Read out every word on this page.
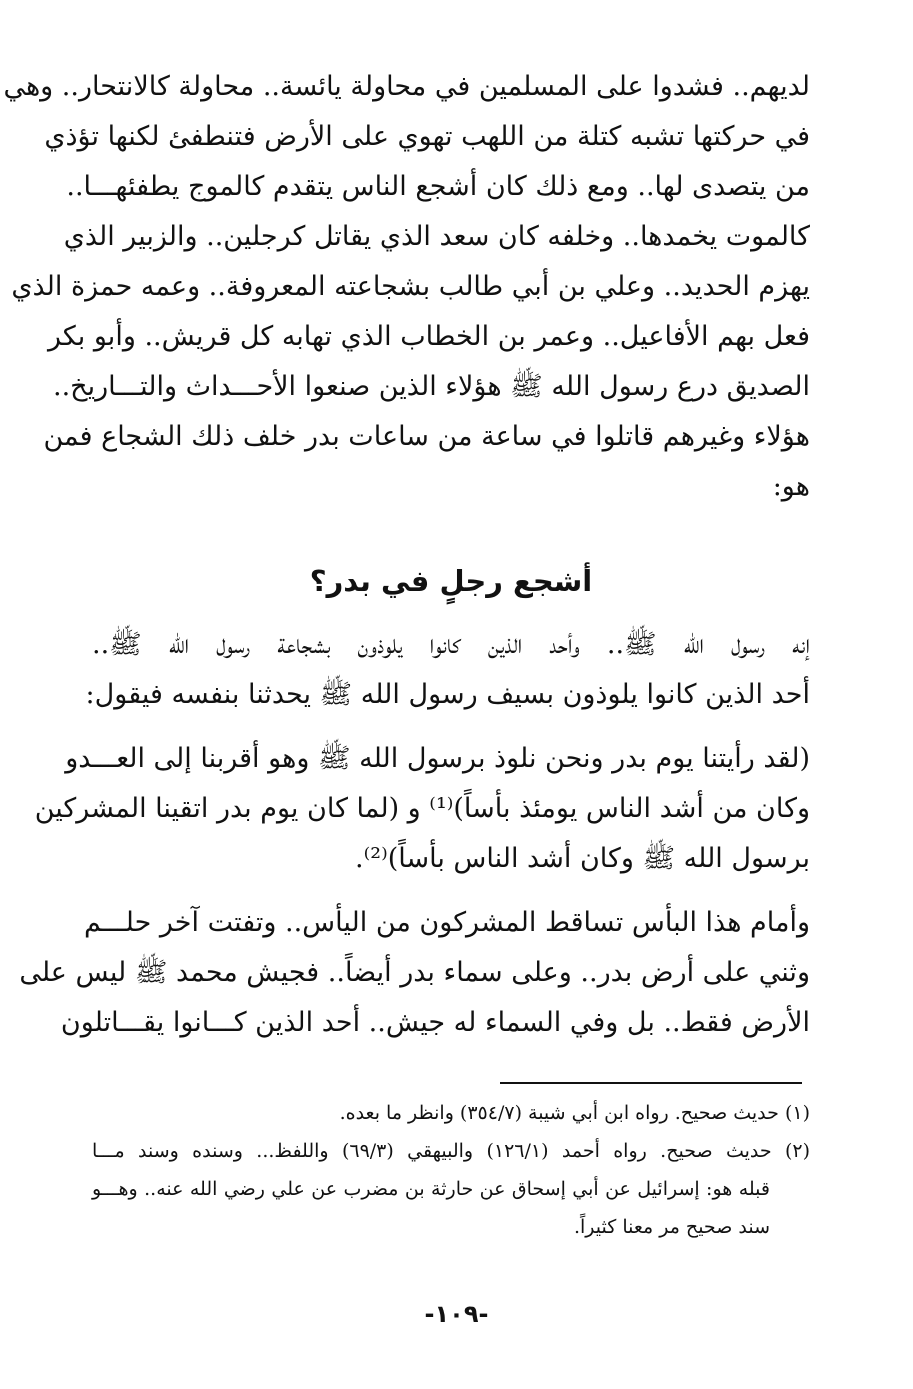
لديهم.. فشدوا على المسلمين في محاولة يائسة.. محاولة كالانتحار.. وهي
في حركتها تشبه كتلة من اللهب تهوي على الأرض فتنطفئ لكنها تؤذي
من يتصدى لها.. ومع ذلك كان أشجع الناس يتقدم كالموج يطفئهـــا..
كالموت يخمدها.. وخلفه كان سعد الذي يقاتل كرجلين.. والزبير الذي
يهزم الحديد.. وعلي بن أبي طالب بشجاعته المعروفة.. وعمه حمزة الذي
فعل بهم الأفاعيل.. وعمر بن الخطاب الذي تهابه كل قريش.. وأبو بكر
الصديق درع رسول الله ﷺ هؤلاء الذين صنعوا الأحـــداث والتـــاريخ..
هؤلاء وغيرهم قاتلوا في ساعة من ساعات بدر خلف ذلك الشجاع فمن
هو:

أشجع رجلٍ في بدر؟

إنه رسول الله ﷺ.. وأحد الذين كانوا يلوذون بشجاعة رسول الله ﷺ..
أحد الذين كانوا يلوذون بسيف رسول الله ﷺ يحدثنا بنفسه فيقول:

(لقد رأيتنا يوم بدر ونحن نلوذ برسول الله ﷺ وهو أقربنا إلى العـــدو
وكان من أشد الناس يومئذ بأساً)⁽¹⁾ و (لما كان يوم بدر اتقينا المشركين
برسول الله ﷺ وكان أشد الناس بأساً)⁽²⁾.

وأمام هذا البأس تساقط المشركون من اليأس.. وتفتت آخر حلـــم
وثني على أرض بدر.. وعلى سماء بدر أيضاً.. فجيش محمد ﷺ ليس على
الأرض فقط.. بل وفي السماء له جيش.. أحد الذين كـــانوا يقـــاتلون

(١) حديث صحيح. رواه ابن أبي شيبة (٣٥٤/٧) وانظر ما بعده.

(٢) حديث صحيح. رواه أحمد (١٢٦/١) والبيهقي (٦٩/٣) واللفظ... وسنده وسند مـــا
قبله هو: إسرائيل عن أبي إسحاق عن حارثة بن مضرب عن علي رضي الله عنه.. وهـــو
سند صحيح مر معنا كثيراً.

-١٠٩-
